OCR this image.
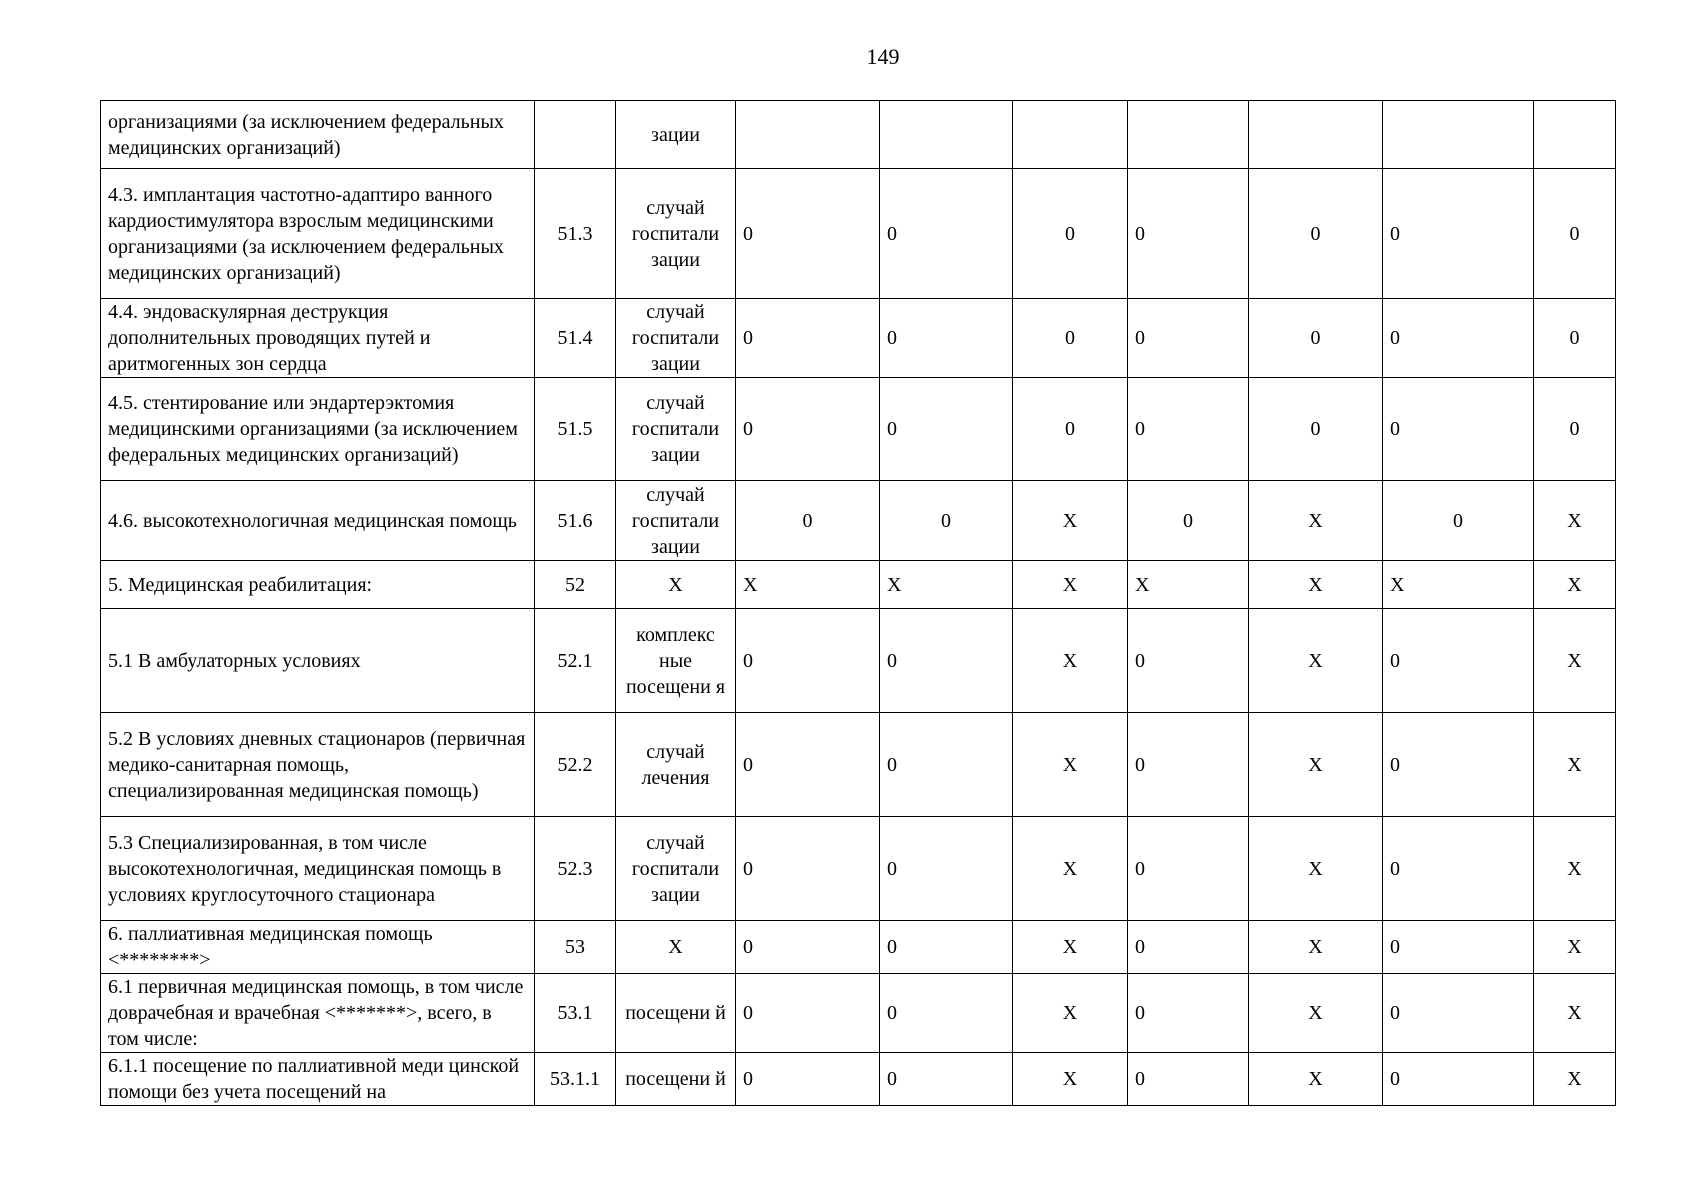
149
организациями (за исключением федеральных медицинских организаций)		зации							
4.3. имплантация частотно-адаптиро ванного кардиостимулятора взрослым медицинскими организациями (за исключением федеральных медицинских организаций)	51.3	случай госпитали зации	0	0	0	0	0	0	0
4.4. эндоваскулярная деструкция дополнительных проводящих путей и аритмогенных зон сердца	51.4	случай госпитали зации	0	0	0	0	0	0	0
4.5. стентирование или эндартерэктомия медицинскими организациями (за исключением федеральных медицинских организаций)	51.5	случай госпитали зации	0	0	0	0	0	0	0
4.6. высокотехнологичная медицинская помощь	51.6	случай госпитали зации	0	0	X	0	X	0	X
5. Медицинская реабилитация:	52	X	X	X	X	X	X	X	X
5.1 В амбулаторных условиях	52.1	комплекс ные посещени я	0	0	X	0	X	0	X
5.2 В условиях дневных стационаров (первичная медико-санитарная помощь, специализированная медицинская помощь)	52.2	случай лечения	0	0	X	0	X	0	X
5.3 Специализированная, в том числе высокотехнологичная, медицинская помощь в условиях круглосуточного стационара	52.3	случай госпитали зации	0	0	X	0	X	0	X
6. паллиативная медицинская помощь <********>	53	X	0	0	X	0	X	0	X
6.1 первичная медицинская помощь, в том числе доврачебная и врачебная <*******>, всего, в том числе:	53.1	посещени й	0	0	X	0	X	0	X
6.1.1 посещение по паллиативной меди цинской помощи без учета посещений на	53.1.1	посещени й	0	0	X	0	X	0	X
